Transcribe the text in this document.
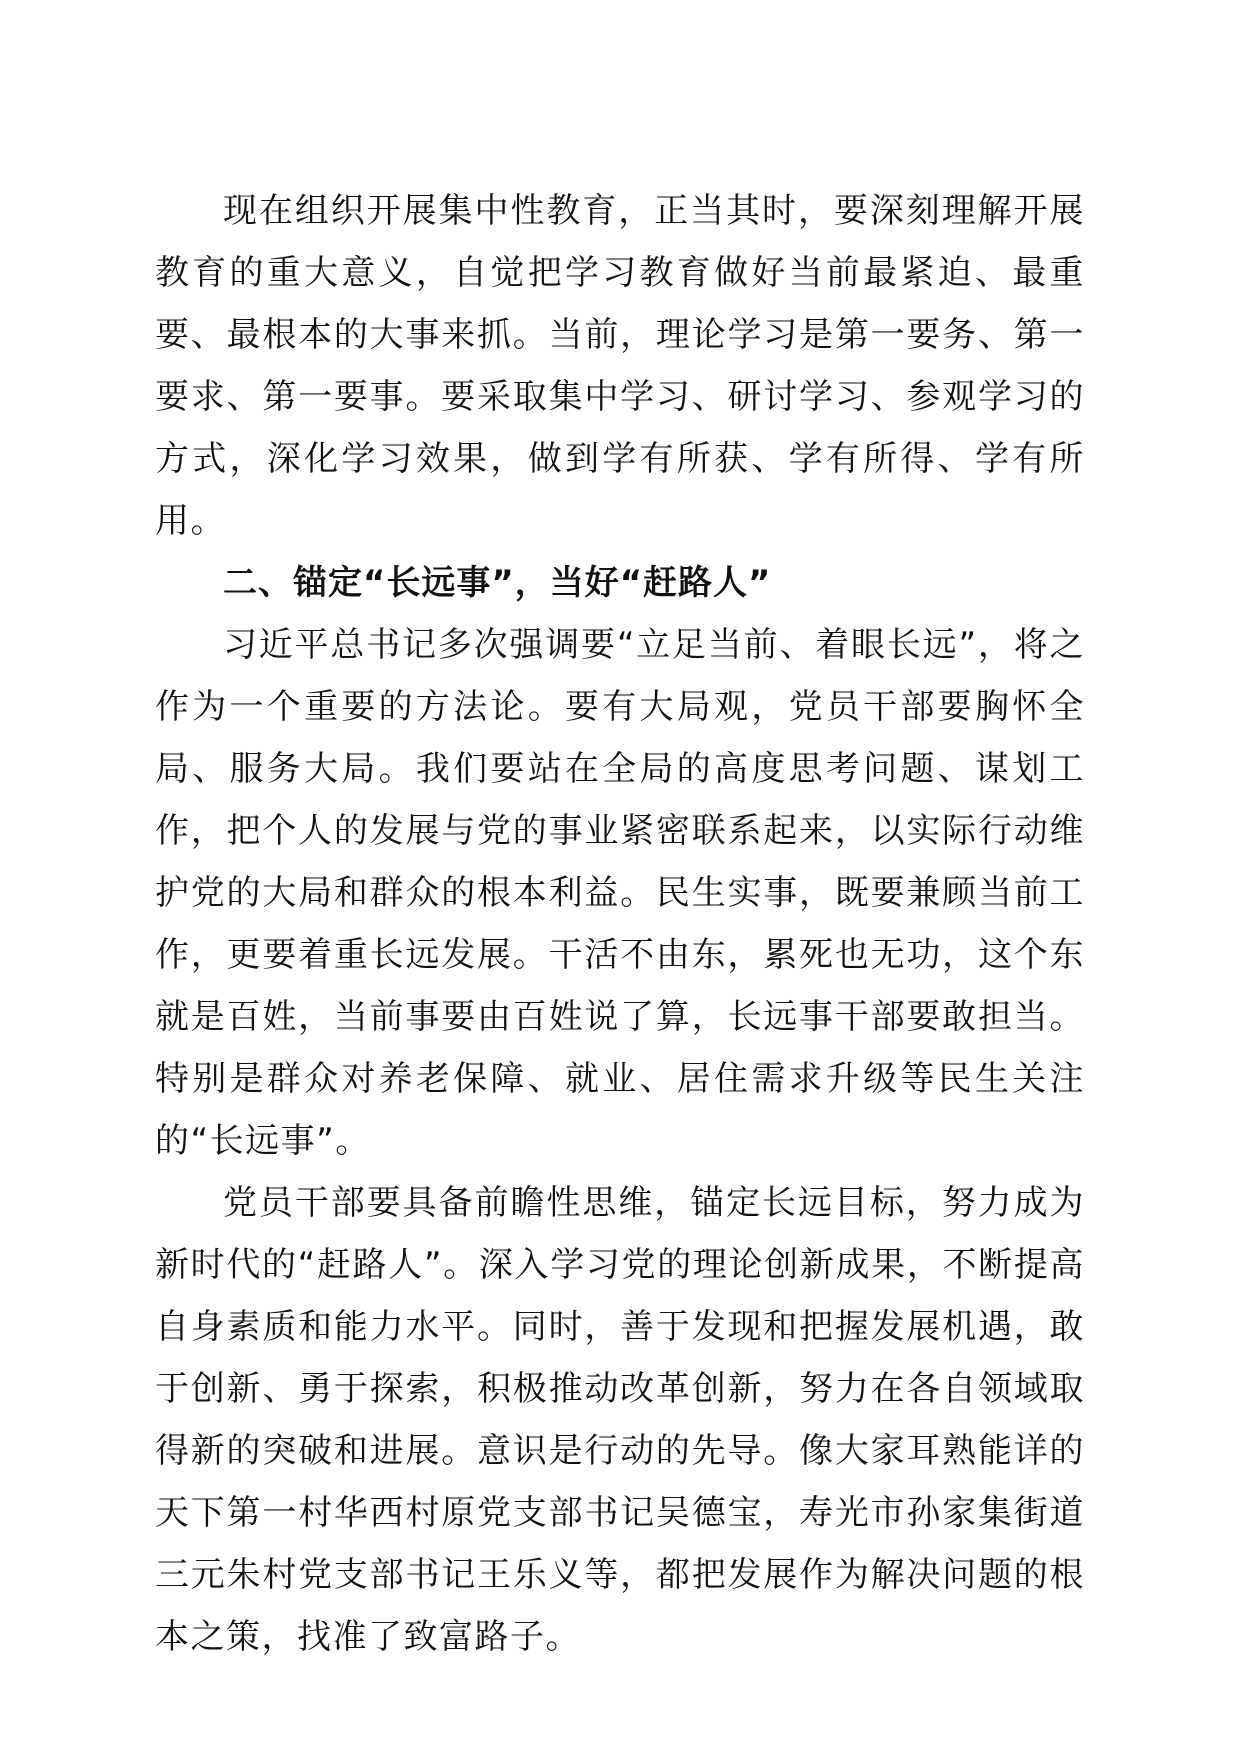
现在组织开展集中性教育，正当其时，要深刻理解开展教育的重大意义，自觉把学习教育做好当前最紧迫、最重要、最根本的大事来抓。当前，理论学习是第一要务、第一要求、第一要事。要采取集中学习、研讨学习、参观学习的方式，深化学习效果，做到学有所获、学有所得、学有所用。

二、锚定“长远事”，当好“赶路人”

习近平总书记多次强调要“立足当前、着眼长远”，将之作为一个重要的方法论。要有大局观，党员干部要胸怀全局、服务大局。我们要站在全局的高度思考问题、谋划工作，把个人的发展与党的事业紧密联系起来，以实际行动维护党的大局和群众的根本利益。民生实事，既要兼顾当前工作，更要着重长远发展。干活不由东，累死也无功，这个东就是百姓，当前事要由百姓说了算，长远事干部要敢担当。特别是群众对养老保障、就业、居住需求升级等民生关注的“长远事”。

党员干部要具备前瞻性思维，锚定长远目标，努力成为新时代的“赶路人”。深入学习党的理论创新成果，不断提高自身素质和能力水平。同时，善于发现和把握发展机遇，敢于创新、勇于探索，积极推动改革创新，努力在各自领域取得新的突破和进展。意识是行动的先导。像大家耳熟能详的天下第一村华西村原党支部书记吴德宝，寿光市孙家集街道三元朱村党支部书记王乐义等，都把发展作为解决问题的根本之策，找准了致富路子。
